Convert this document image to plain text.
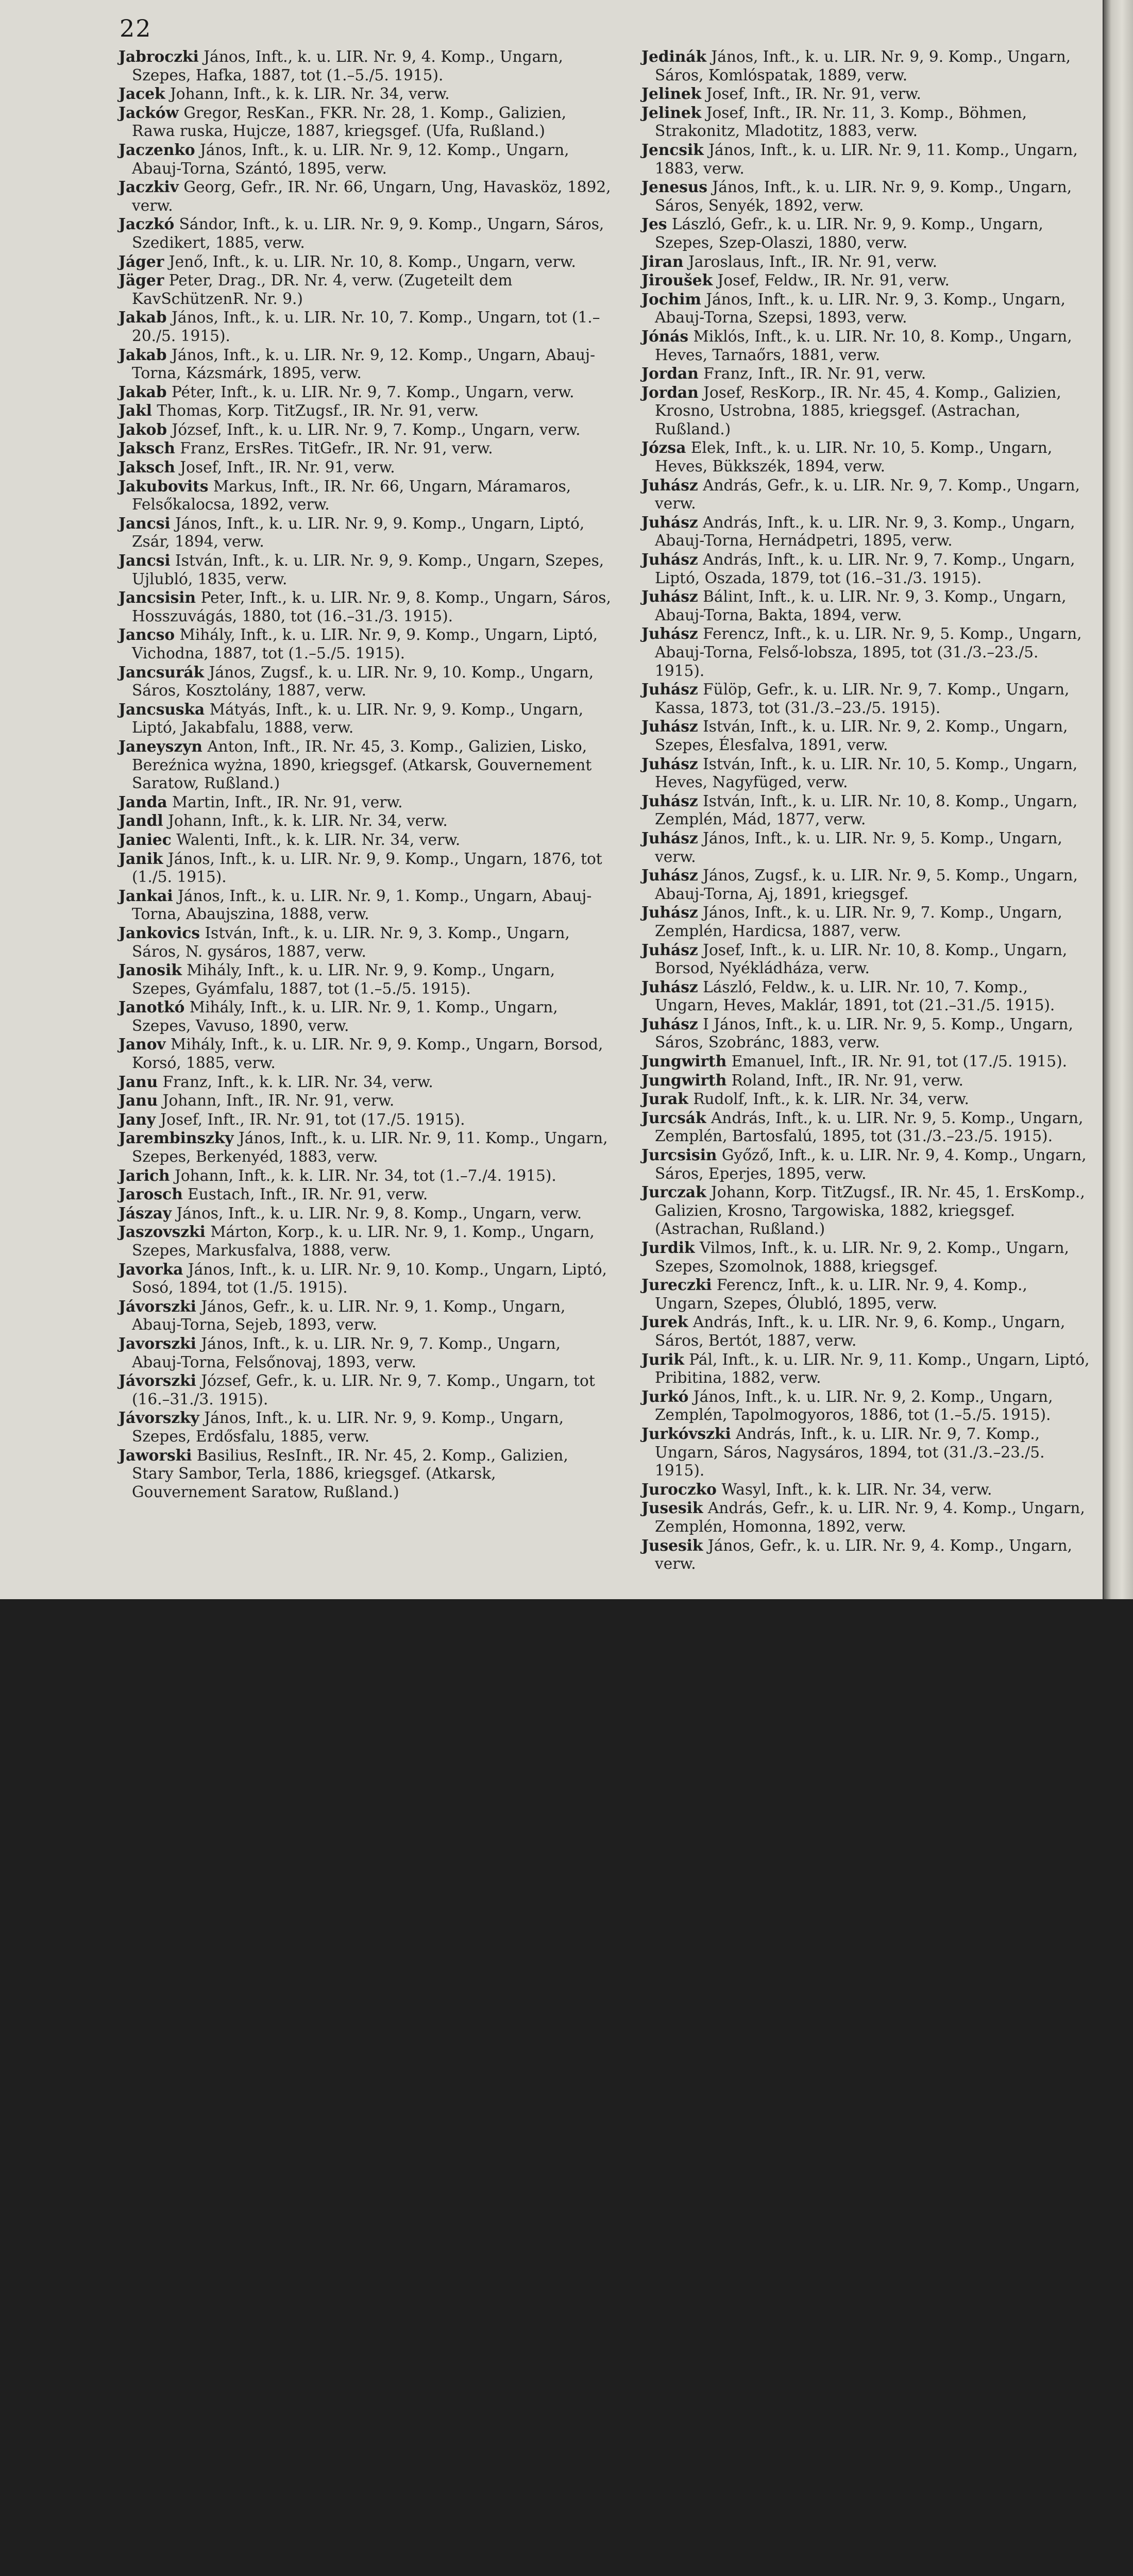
22

Jabroczki János, Inft., k. u. LIR. Nr. 9, 4. Komp., Ungarn, Szepes, Hafka, 1887, tot (1.–5./5. 1915).

Jacek Johann, Inft., k. k. LIR. Nr. 34, verw.

Jacków Gregor, ResKan., FKR. Nr. 28, 1. Komp., Galizien, Rawa ruska, Hujcze, 1887, kriegsgef. (Ufa, Rußland.)

Jaczenko János, Inft., k. u. LIR. Nr. 9, 12. Komp., Ungarn, Abauj-Torna, Szántó, 1895, verw.

Jaczkiv Georg, Gefr., IR. Nr. 66, Ungarn, Ung, Havasköz, 1892, verw.

Jaczkó Sándor, Inft., k. u. LIR. Nr. 9, 9. Komp., Ungarn, Sáros, Szedikert, 1885, verw.

Jáger Jenő, Inft., k. u. LIR. Nr. 10, 8. Komp., Ungarn, verw.

Jäger Peter, Drag., DR. Nr. 4, verw. (Zugeteilt dem KavSchützenR. Nr. 9.)

Jakab János, Inft., k. u. LIR. Nr. 10, 7. Komp., Ungarn, tot (1.–20./5. 1915).

Jakab János, Inft., k. u. LIR. Nr. 9, 12. Komp., Ungarn, Abauj-Torna, Kázsmárk, 1895, verw.

Jakab Péter, Inft., k. u. LIR. Nr. 9, 7. Komp., Ungarn, verw.

Jakl Thomas, Korp. TitZugsf., IR. Nr. 91, verw.

Jakob József, Inft., k. u. LIR. Nr. 9, 7. Komp., Ungarn, verw.

Jaksch Franz, ErsRes. TitGefr., IR. Nr. 91, verw.

Jaksch Josef, Inft., IR. Nr. 91, verw.

Jakubovits Markus, Inft., IR. Nr. 66, Ungarn, Máramaros, Felsőkalocsa, 1892, verw.

Jancsi János, Inft., k. u. LIR. Nr. 9, 9. Komp., Ungarn, Liptó, Zsár, 1894, verw.

Jancsi István, Inft., k. u. LIR. Nr. 9, 9. Komp., Ungarn, Szepes, Ujlubló, 1835, verw.

Jancsisin Peter, Inft., k. u. LIR. Nr. 9, 8. Komp., Ungarn, Sáros, Hosszuvágás, 1880, tot (16.–31./3. 1915).

Jancso Mihály, Inft., k. u. LIR. Nr. 9, 9. Komp., Ungarn, Liptó, Vichodna, 1887, tot (1.–5./5. 1915).

Jancsurák János, Zugsf., k. u. LIR. Nr. 9, 10. Komp., Ungarn, Sáros, Kosztolány, 1887, verw.

Jancsuska Mátyás, Inft., k. u. LIR. Nr. 9, 9. Komp., Ungarn, Liptó, Jakabfalu, 1888, verw.

Janeyszyn Anton, Inft., IR. Nr. 45, 3. Komp., Galizien, Lisko, Bereźnica wyżna, 1890, kriegsgef. (Atkarsk, Gouvernement Saratow, Rußland.)

Janda Martin, Inft., IR. Nr. 91, verw.

Jandl Johann, Inft., k. k. LIR. Nr. 34, verw.

Janiec Walenti, Inft., k. k. LIR. Nr. 34, verw.

Janik János, Inft., k. u. LIR. Nr. 9, 9. Komp., Ungarn, 1876, tot (1./5. 1915).

Jankai János, Inft., k. u. LIR. Nr. 9, 1. Komp., Ungarn, Abauj-Torna, Abaujszina, 1888, verw.

Jankovics István, Inft., k. u. LIR. Nr. 9, 3. Komp., Ungarn, Sáros, N. gysáros, 1887, verw.

Janosik Mihály, Inft., k. u. LIR. Nr. 9, 9. Komp., Ungarn, Szepes, Gyámfalu, 1887, tot (1.–5./5. 1915).

Janotkó Mihály, Inft., k. u. LIR. Nr. 9, 1. Komp., Ungarn, Szepes, Vavuso, 1890, verw.

Janov Mihály, Inft., k. u. LIR. Nr. 9, 9. Komp., Ungarn, Borsod, Korsó, 1885, verw.

Janu Franz, Inft., k. k. LIR. Nr. 34, verw.

Janu Johann, Inft., IR. Nr. 91, verw.

Jany Josef, Inft., IR. Nr. 91, tot (17./5. 1915).

Jarembinszky János, Inft., k. u. LIR. Nr. 9, 11. Komp., Ungarn, Szepes, Berkenyéd, 1883, verw.

Jarich Johann, Inft., k. k. LIR. Nr. 34, tot (1.–7./4. 1915).

Jarosch Eustach, Inft., IR. Nr. 91, verw.

Jászay János, Inft., k. u. LIR. Nr. 9, 8. Komp., Ungarn, verw.

Jaszovszki Márton, Korp., k. u. LIR. Nr. 9, 1. Komp., Ungarn, Szepes, Markusfalva, 1888, verw.

Javorka János, Inft., k. u. LIR. Nr. 9, 10. Komp., Ungarn, Liptó, Sosó, 1894, tot (1./5. 1915).

Jávorszki János, Gefr., k. u. LIR. Nr. 9, 1. Komp., Ungarn, Abauj-Torna, Sejeb, 1893, verw.

Javorszki János, Inft., k. u. LIR. Nr. 9, 7. Komp., Ungarn, Abauj-Torna, Felsőnovaj, 1893, verw.

Jávorszki József, Gefr., k. u. LIR. Nr. 9, 7. Komp., Ungarn, tot (16.–31./3. 1915).

Jávorszky János, Inft., k. u. LIR. Nr. 9, 9. Komp., Ungarn, Szepes, Erdősfalu, 1885, verw.

Jaworski Basilius, ResInft., IR. Nr. 45, 2. Komp., Galizien, Stary Sambor, Terla, 1886, kriegsgef. (Atkarsk, Gouvernement Saratow, Rußland.)

Jedinák János, Inft., k. u. LIR. Nr. 9, 9. Komp., Ungarn, Sáros, Komlóspatak, 1889, verw.

Jelinek Josef, Inft., IR. Nr. 91, verw.

Jelinek Josef, Inft., IR. Nr. 11, 3. Komp., Böhmen, Strakonitz, Mladotitz, 1883, verw.

Jencsik János, Inft., k. u. LIR. Nr. 9, 11. Komp., Ungarn, 1883, verw.

Jenesus János, Inft., k. u. LIR. Nr. 9, 9. Komp., Ungarn, Sáros, Senyék, 1892, verw.

Jes László, Gefr., k. u. LIR. Nr. 9, 9. Komp., Ungarn, Szepes, Szep-Olaszi, 1880, verw.

Jiran Jaroslaus, Inft., IR. Nr. 91, verw.

Jiroušek Josef, Feldw., IR. Nr. 91, verw.

Jochim János, Inft., k. u. LIR. Nr. 9, 3. Komp., Ungarn, Abauj-Torna, Szepsi, 1893, verw.

Jónás Miklós, Inft., k. u. LIR. Nr. 10, 8. Komp., Ungarn, Heves, Tarnaőrs, 1881, verw.

Jordan Franz, Inft., IR. Nr. 91, verw.

Jordan Josef, ResKorp., IR. Nr. 45, 4. Komp., Galizien, Krosno, Ustrobna, 1885, kriegsgef. (Astrachan, Rußland.)

Józsa Elek, Inft., k. u. LIR. Nr. 10, 5. Komp., Ungarn, Heves, Bükkszék, 1894, verw.

Juhász András, Gefr., k. u. LIR. Nr. 9, 7. Komp., Ungarn, verw.

Juhász András, Inft., k. u. LIR. Nr. 9, 3. Komp., Ungarn, Abauj-Torna, Hernádpetri, 1895, verw.

Juhász András, Inft., k. u. LIR. Nr. 9, 7. Komp., Ungarn, Liptó, Oszada, 1879, tot (16.–31./3. 1915).

Juhász Bálint, Inft., k. u. LIR. Nr. 9, 3. Komp., Ungarn, Abauj-Torna, Bakta, 1894, verw.

Juhász Ferencz, Inft., k. u. LIR. Nr. 9, 5. Komp., Ungarn, Abauj-Torna, Felső-lobsza, 1895, tot (31./3.–23./5. 1915).

Juhász Fülöp, Gefr., k. u. LIR. Nr. 9, 7. Komp., Ungarn, Kassa, 1873, tot (31./3.–23./5. 1915).

Juhász István, Inft., k. u. LIR. Nr. 9, 2. Komp., Ungarn, Szepes, Élesfalva, 1891, verw.

Juhász István, Inft., k. u. LIR. Nr. 10, 5. Komp., Ungarn, Heves, Nagyfüged, verw.

Juhász István, Inft., k. u. LIR. Nr. 10, 8. Komp., Ungarn, Zemplén, Mád, 1877, verw.

Juhász János, Inft., k. u. LIR. Nr. 9, 5. Komp., Ungarn, verw.

Juhász János, Zugsf., k. u. LIR. Nr. 9, 5. Komp., Ungarn, Abauj-Torna, Aj, 1891, kriegsgef.

Juhász János, Inft., k. u. LIR. Nr. 9, 7. Komp., Ungarn, Zemplén, Hardicsa, 1887, verw.

Juhász Josef, Inft., k. u. LIR. Nr. 10, 8. Komp., Ungarn, Borsod, Nyékládháza, verw.

Juhász László, Feldw., k. u. LIR. Nr. 10, 7. Komp., Ungarn, Heves, Maklár, 1891, tot (21.–31./5. 1915).

Juhász I János, Inft., k. u. LIR. Nr. 9, 5. Komp., Ungarn, Sáros, Szobránc, 1883, verw.

Jungwirth Emanuel, Inft., IR. Nr. 91, tot (17./5. 1915).

Jungwirth Roland, Inft., IR. Nr. 91, verw.

Jurak Rudolf, Inft., k. k. LIR. Nr. 34, verw.

Jurcsák András, Inft., k. u. LIR. Nr. 9, 5. Komp., Ungarn, Zemplén, Bartosfalú, 1895, tot (31./3.–23./5. 1915).

Jurcsisin Győző, Inft., k. u. LIR. Nr. 9, 4. Komp., Ungarn, Sáros, Eperjes, 1895, verw.

Jurczak Johann, Korp. TitZugsf., IR. Nr. 45, 1. ErsKomp., Galizien, Krosno, Targowiska, 1882, kriegsgef. (Astrachan, Rußland.)

Jurdik Vilmos, Inft., k. u. LIR. Nr. 9, 2. Komp., Ungarn, Szepes, Szomolnok, 1888, kriegsgef.

Jureczki Ferencz, Inft., k. u. LIR. Nr. 9, 4. Komp., Ungarn, Szepes, Ólubló, 1895, verw.

Jurek András, Inft., k. u. LIR. Nr. 9, 6. Komp., Ungarn, Sáros, Bertót, 1887, verw.

Jurik Pál, Inft., k. u. LIR. Nr. 9, 11. Komp., Ungarn, Liptó, Pribitina, 1882, verw.

Jurkó János, Inft., k. u. LIR. Nr. 9, 2. Komp., Ungarn, Zemplén, Tapolmogyoros, 1886, tot (1.–5./5. 1915).

Jurkóvszki András, Inft., k. u. LIR. Nr. 9, 7. Komp., Ungarn, Sáros, Nagysáros, 1894, tot (31./3.–23./5. 1915).

Juroczko Wasyl, Inft., k. k. LIR. Nr. 34, verw.

Jusesik András, Gefr., k. u. LIR. Nr. 9, 4. Komp., Ungarn, Zemplén, Homonna, 1892, verw.

Jusesik János, Gefr., k. u. LIR. Nr. 9, 4. Komp., Ungarn, verw.
